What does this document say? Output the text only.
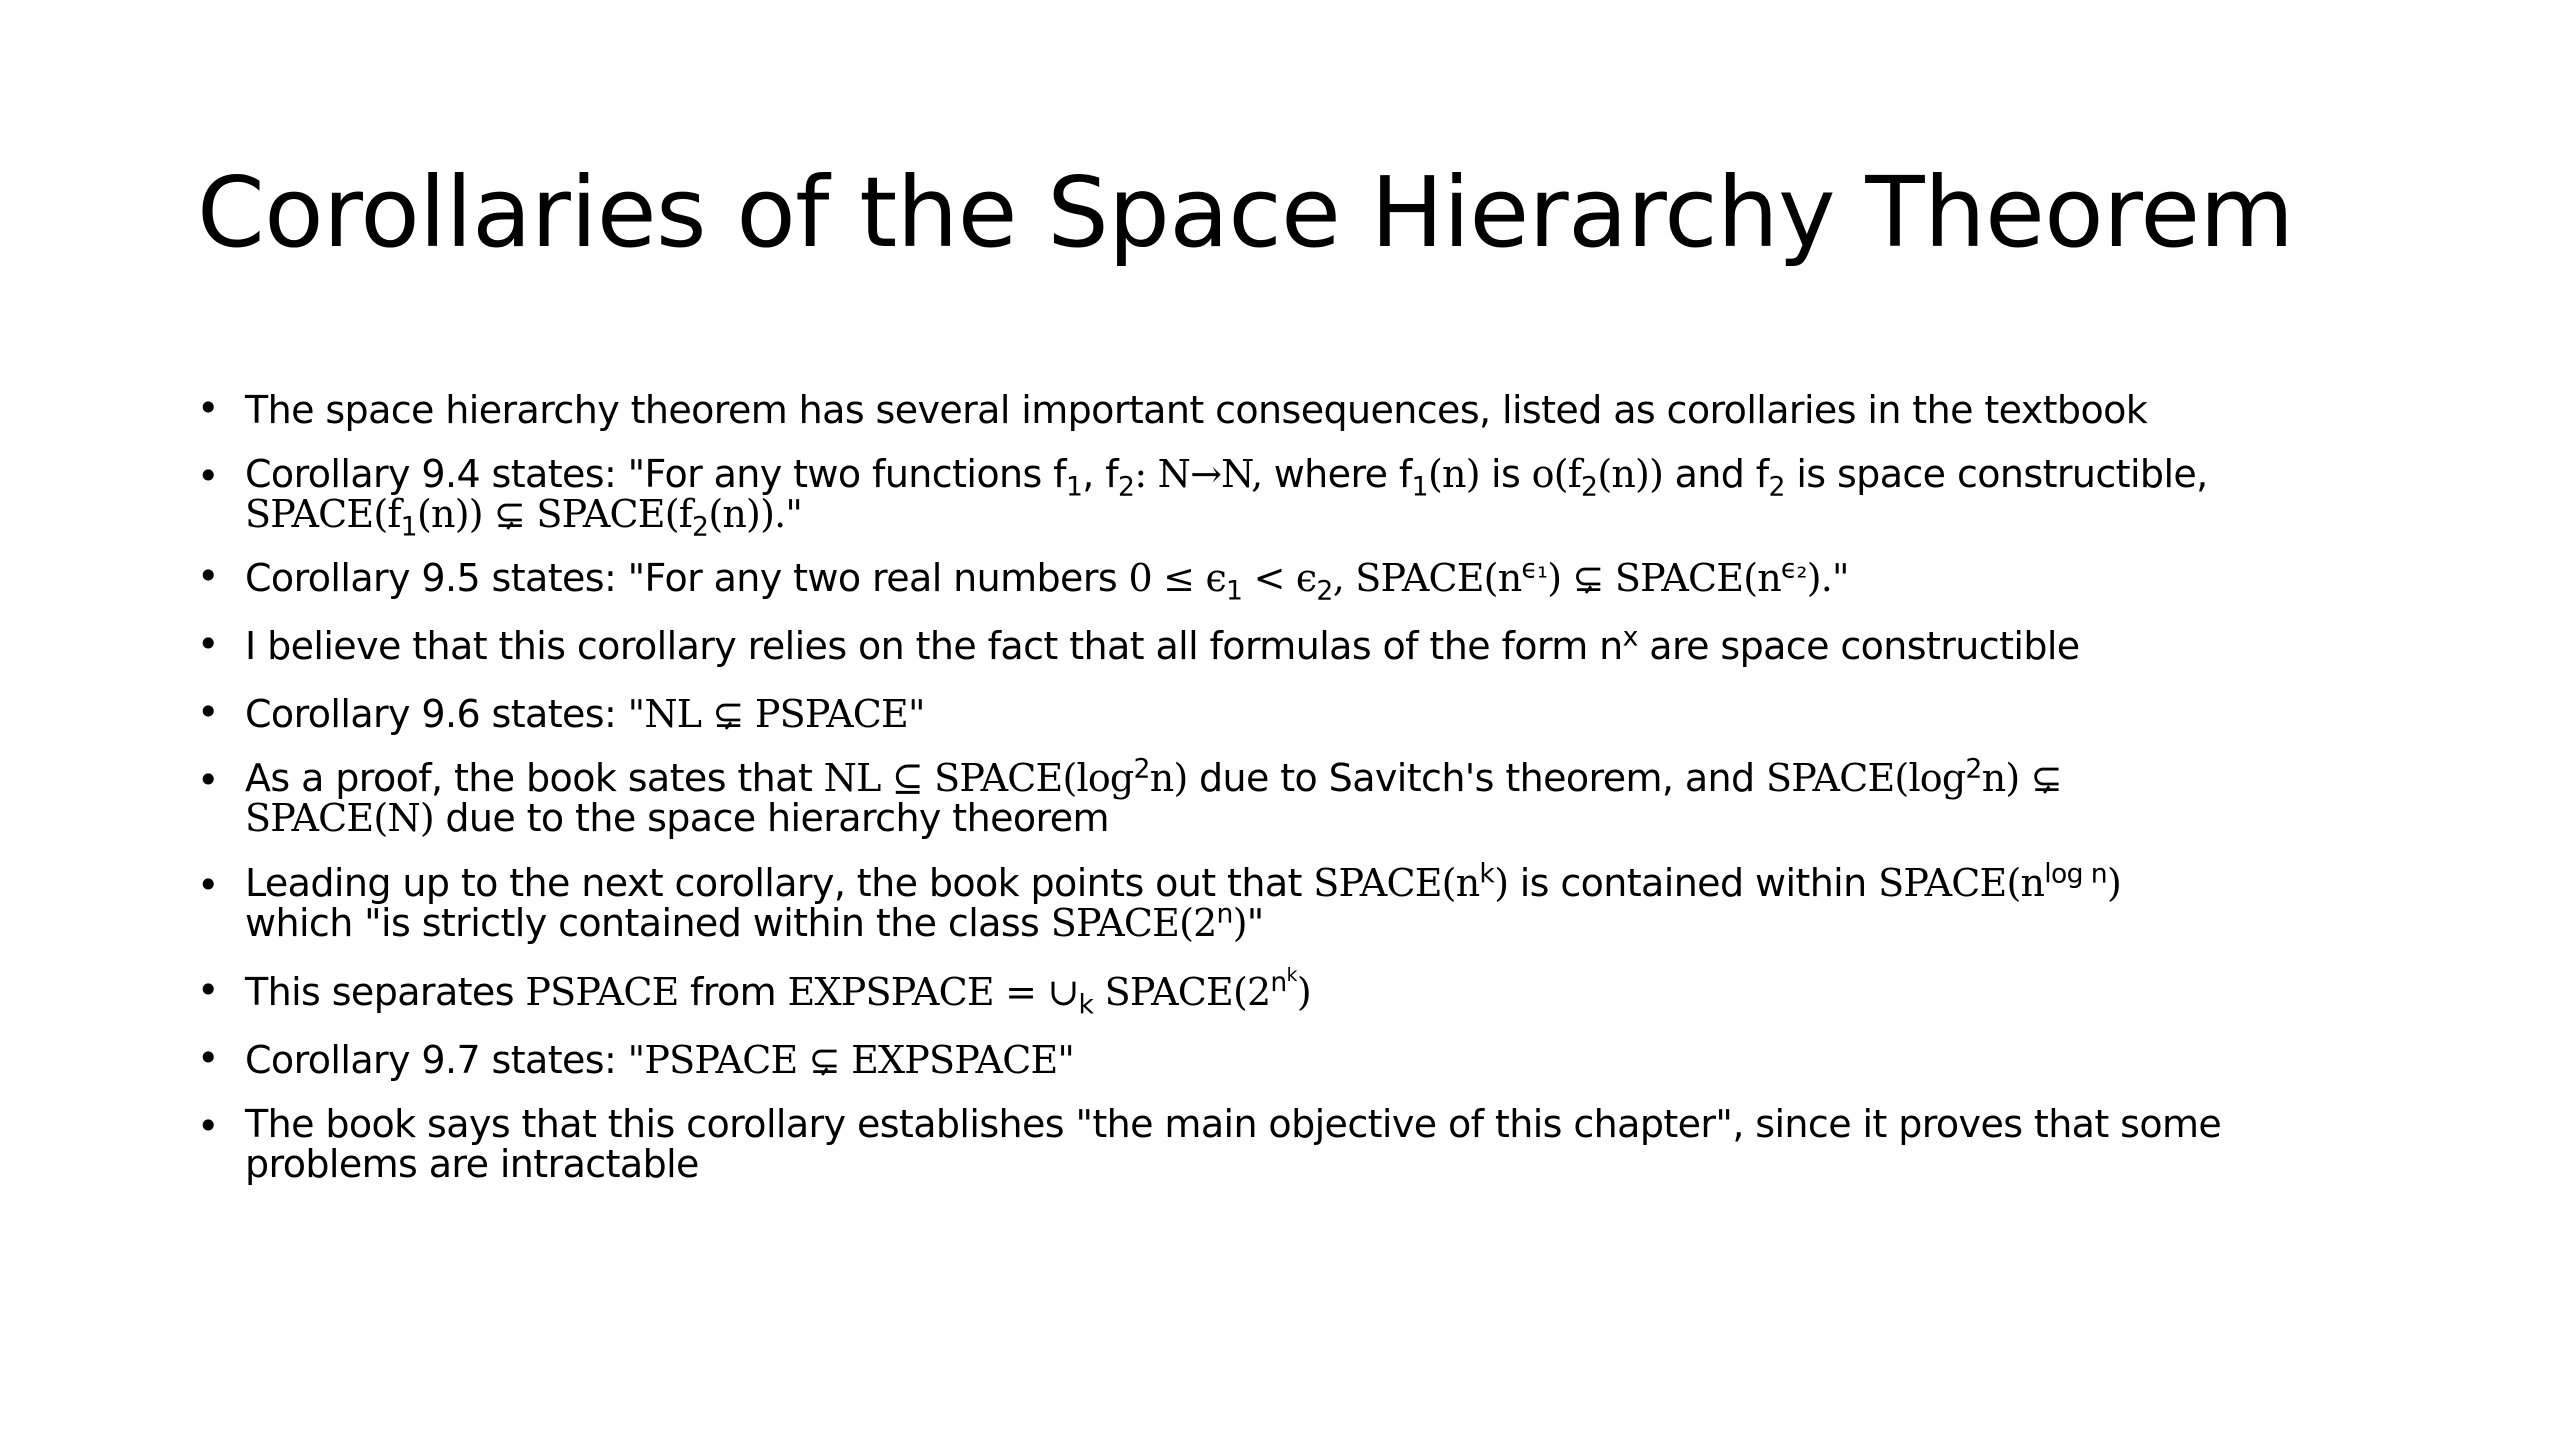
Corollaries of the Space Hierarchy Theorem
• The space hierarchy theorem has several important consequences, listed as corollaries in the textbook
• Corollary 9.4 states: "For any two functions $f_1$, $f_2$: N→N, where $f_1(n)$ is $o(f_2(n))$ and $f_2$ is space constructible,
$SPACE(f_1(n))$ ⊊ $SPACE(f_2(n))$."
• Corollary 9.5 states: "For any two real numbers $0 \le \epsilon_1 < \epsilon_2$, $SPACE(n^{\epsilon_1})$ ⊊ $SPACE(n^{\epsilon_2})$."
• I believe that this corollary relies on the fact that all formulas of the form $n^x$ are space constructible
• Corollary 9.6 states: "NL ⊊ PSPACE"
• As a proof, the book sates that NL ⊆ $SPACE(\log^2n)$ due to Savitch's theorem, and $SPACE(\log^2n)$ ⊊
SPACE(N) due to the space hierarchy theorem
• Leading up to the next corollary, the book points out that $SPACE(n^k)$ is contained within $SPACE(n^{log n})$
which "is strictly contained within the class SPACE(2$^n$)"
• This separates PSPACE from EXPSPACE = $\cup_k$ $SPACE(2^{n^k})$
• Corollary 9.7 states: "PSPACE ⊊ EXPSPACE"
• The book says that this corollary establishes "the main objective of this chapter", since it proves that some
problems are intractable
